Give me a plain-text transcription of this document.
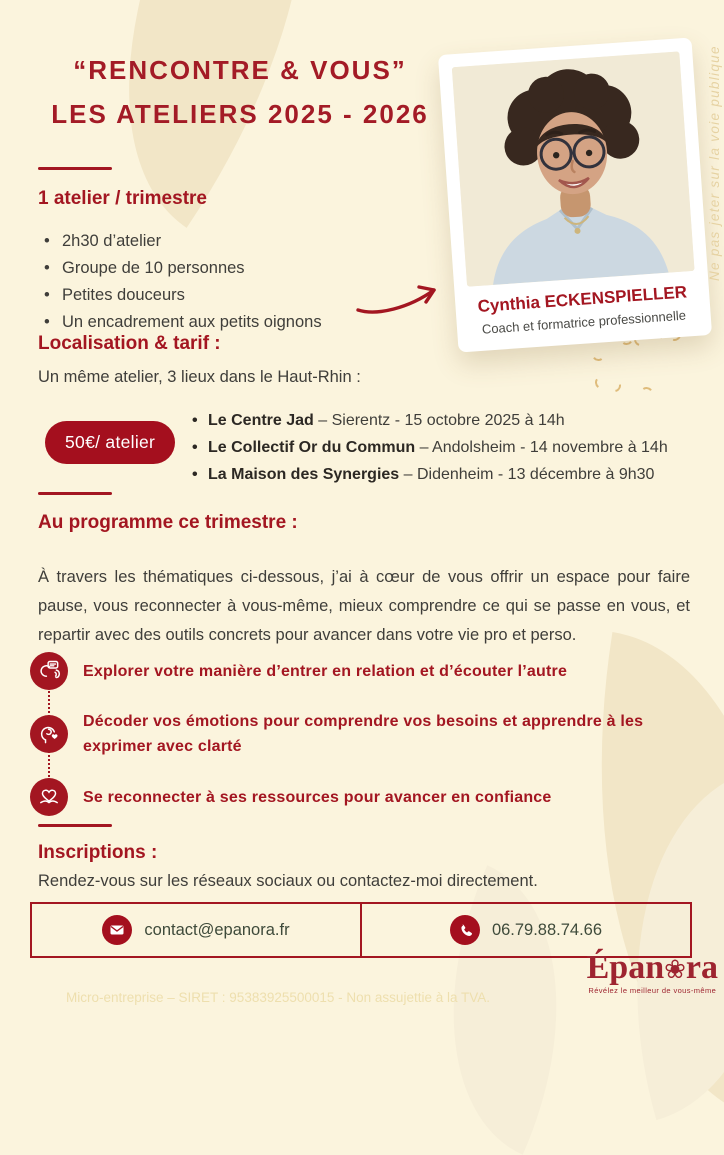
“RENCONTRE & VOUS”
LES ATELIERS 2025 - 2026
1 atelier / trimestre
• 2h30 d’atelier
• Groupe de 10 personnes
• Petites douceurs
• Un encadrement aux petits oignons
Localisation & tarif :
Un même atelier, 3 lieux dans le Haut-Rhin :
50€/ atelier
• Le Centre Jad – Sierentz - 15 octobre 2025 à 14h
• Le Collectif Or du Commun – Andolsheim - 14 novembre à 14h
• La Maison des Synergies – Didenheim - 13 décembre à 9h30
Au programme ce trimestre :

À travers les thématiques ci-dessous, j’ai à cœur de vous offrir un espace pour faire pause, vous reconnecter à vous-même, mieux comprendre ce qui se passe en vous, et repartir avec des outils concrets pour avancer dans votre vie pro et perso.

Explorer votre manière d’entrer en relation et d’écouter l’autre
Décoder vos émotions pour comprendre vos besoins et apprendre à les exprimer avec clarté
Se reconnecter à ses ressources pour avancer en confiance
Inscriptions :
Rendez-vous sur les réseaux sociaux ou contactez-moi directement.
contact@epanora.fr	06.79.88.74.66
Micro-entreprise – SIRET : 95383925500015 - Non assujettie à la TVA.
Épan❀ra
Révélez le meilleur de vous-même
Cynthia ECKENSPIELLER
Coach et formatrice professionnelle
Ne pas jeter sur la voie publique
